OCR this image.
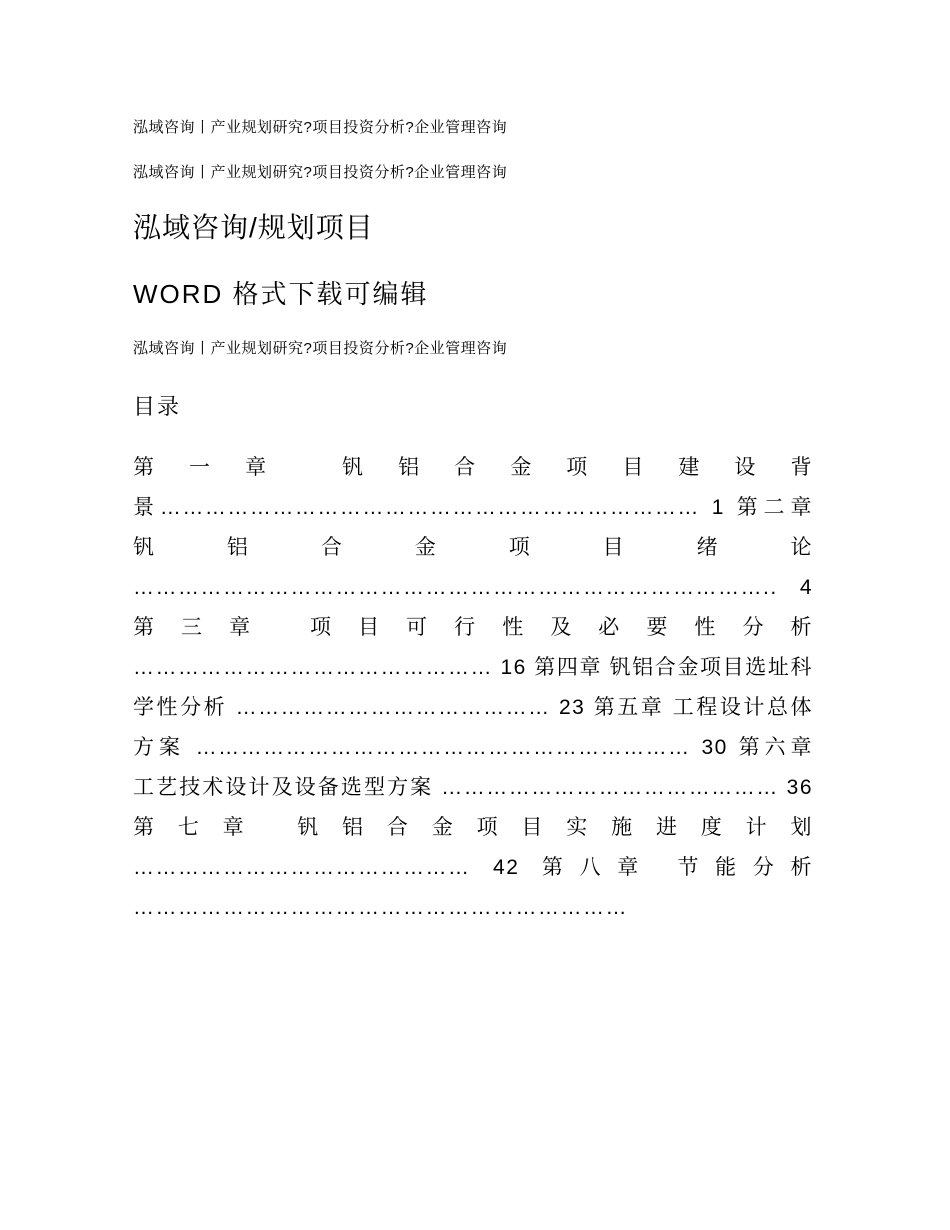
泓域咨询丨产业规划研究?项目投资分析?企业管理咨询
泓域咨询丨产业规划研究?项目投资分析?企业管理咨询
泓域咨询/规划项目
WORD 格式下载可编辑
泓域咨询丨产业规划研究?项目投资分析?企业管理咨询
目录
第一章 钒铝合金项目建设背景……………………………………………………………… 1 第二章 钒铝合金项目绪论 ………………………………………………………………………….. 4 第三章 项目可行性及必要性分析 ………………………………………… 16 第四章 钒铝合金项目选址科学性分析 …………………………………… 23 第五章 工程设计总体方案 ………………………………………………………… 30 第六章 工艺技术设计及设备选型方案 ……………………………………… 36 第七章 钒铝合金项目实施进度计划 ……………………………………… 42 第八章 节能分析 …………………………………………………………
